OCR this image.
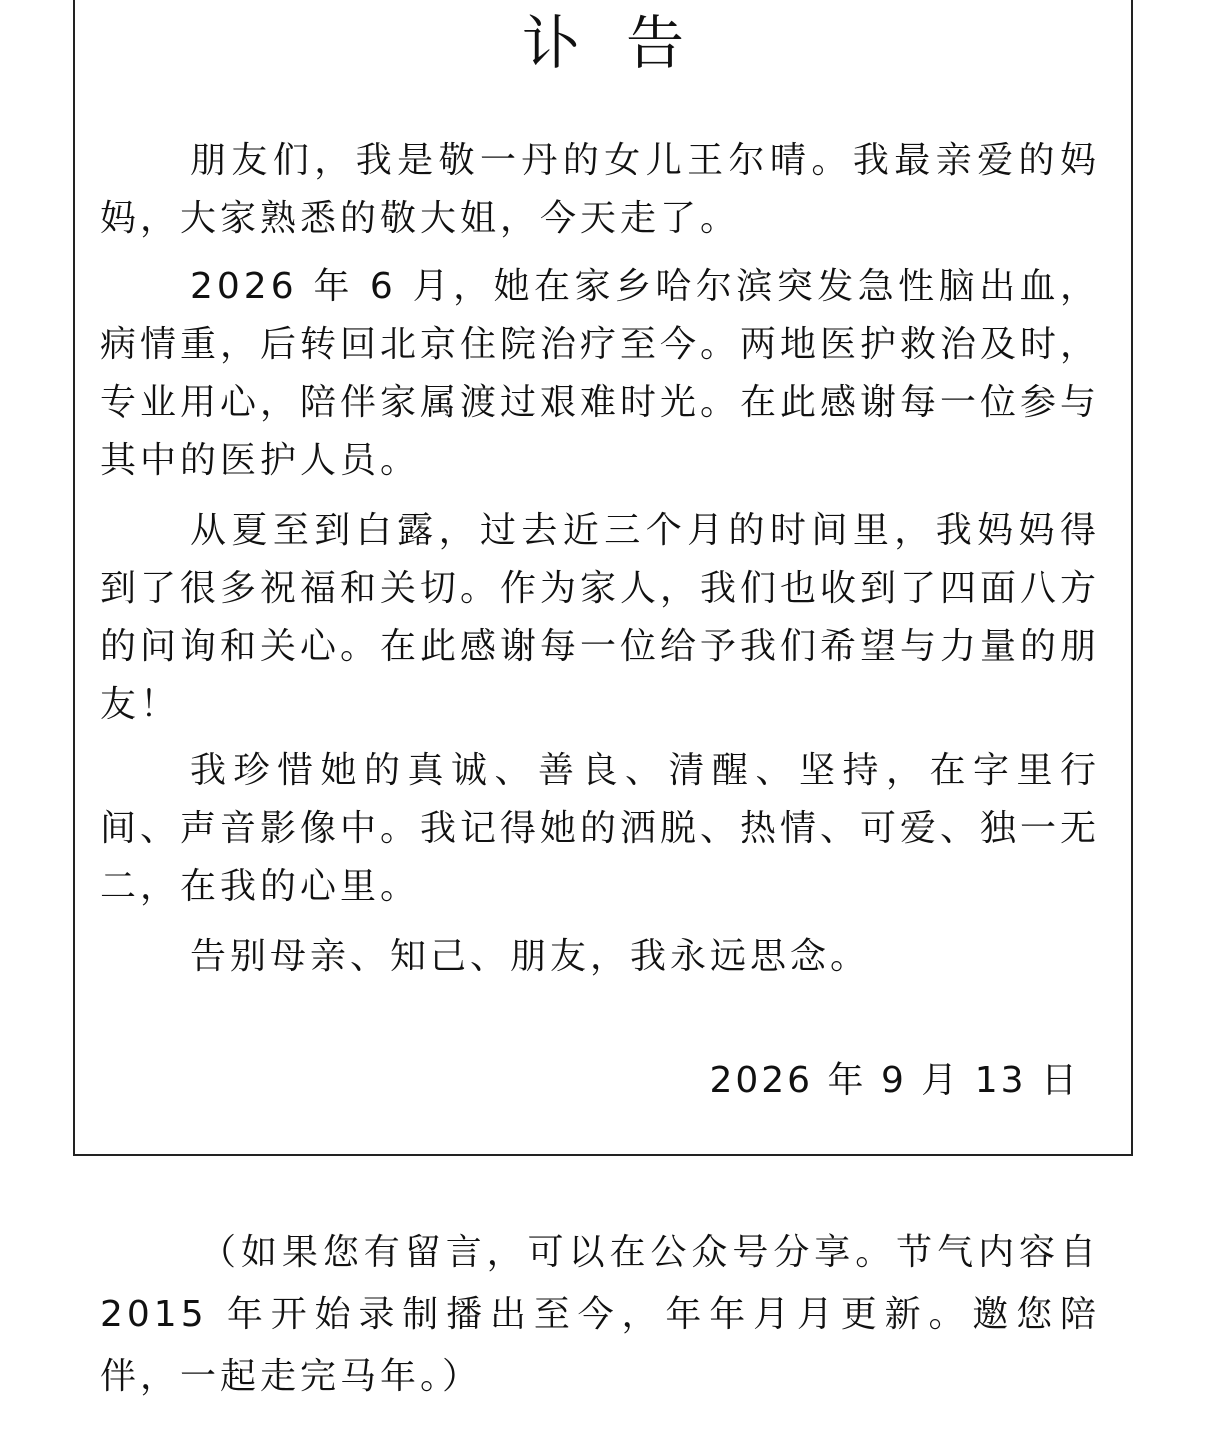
讣告

朋友们，我是敬一丹的女儿王尔晴。我最亲爱的妈妈，大家熟悉的敬大姐，今天走了。

2026 年 6 月，她在家乡哈尔滨突发急性脑出血，病情重，后转回北京住院治疗至今。两地医护救治及时，专业用心，陪伴家属渡过艰难时光。在此感谢每一位参与其中的医护人员。

从夏至到白露，过去近三个月的时间里，我妈妈得到了很多祝福和关切。作为家人，我们也收到了四面八方的问询和关心。在此感谢每一位给予我们希望与力量的朋友！

我珍惜她的真诚、善良、清醒、坚持，在字里行间、声音影像中。我记得她的洒脱、热情、可爱、独一无二，在我的心里。

告别母亲、知己、朋友，我永远思念。

2026 年 9 月 13 日

（如果您有留言，可以在公众号分享。节气内容自 2015 年开始录制播出至今，年年月月更新。邀您陪伴，一起走完马年。）
